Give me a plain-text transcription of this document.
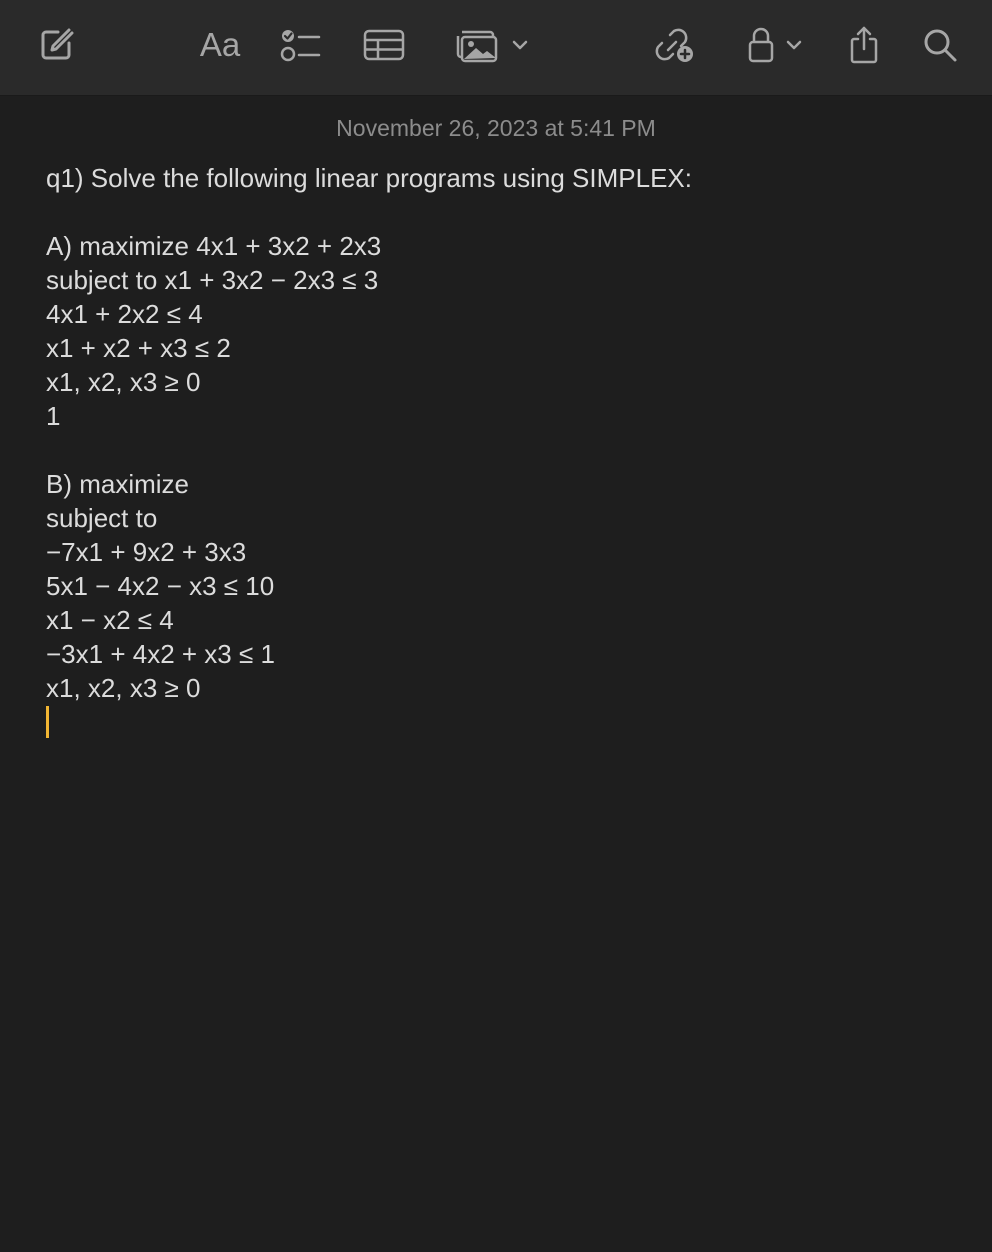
Aa
November 26, 2023 at 5:41 PM
q1) Solve the following linear programs using SIMPLEX:
A) maximize 4x1 + 3x2 + 2x3
subject to x1 + 3x2 − 2x3 ≤ 3
4x1 + 2x2 ≤ 4
x1 + x2 + x3 ≤ 2
x1, x2, x3 ≥ 0
1
B) maximize
subject to
−7x1 + 9x2 + 3x3
5x1 − 4x2 − x3 ≤ 10
x1 − x2 ≤ 4
−3x1 + 4x2 + x3 ≤ 1
x1, x2, x3 ≥ 0
